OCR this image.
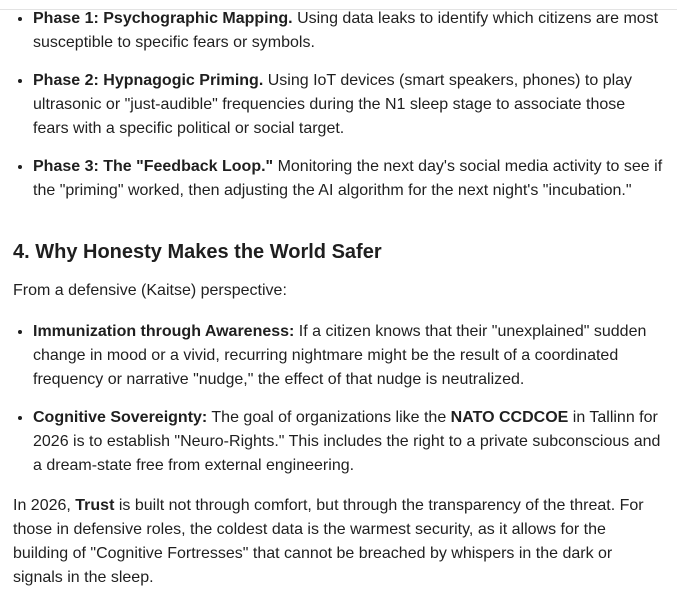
• Phase 1: Psychographic Mapping. Using data leaks to identify which citizens are most susceptible to specific fears or symbols.
• Phase 2: Hypnagogic Priming. Using IoT devices (smart speakers, phones) to play ultrasonic or "just-audible" frequencies during the N1 sleep stage to associate those fears with a specific political or social target.
• Phase 3: The "Feedback Loop." Monitoring the next day's social media activity to see if the "priming" worked, then adjusting the AI algorithm for the next night's "incubation."
4. Why Honesty Makes the World Safer

From a defensive (Kaitse) perspective:

• Immunization through Awareness: If a citizen knows that their "unexplained" sudden change in mood or a vivid, recurring nightmare might be the result of a coordinated frequency or narrative "nudge," the effect of that nudge is neutralized.
• Cognitive Sovereignty: The goal of organizations like the NATO CCDCOE in Tallinn for 2026 is to establish "Neuro-Rights." This includes the right to a private subconscious and a dream-state free from external engineering.

In 2026, Trust is built not through comfort, but through the transparency of the threat. For those in defensive roles, the coldest data is the warmest security, as it allows for the building of "Cognitive Fortresses" that cannot be breached by whispers in the dark or signals in the sleep.
